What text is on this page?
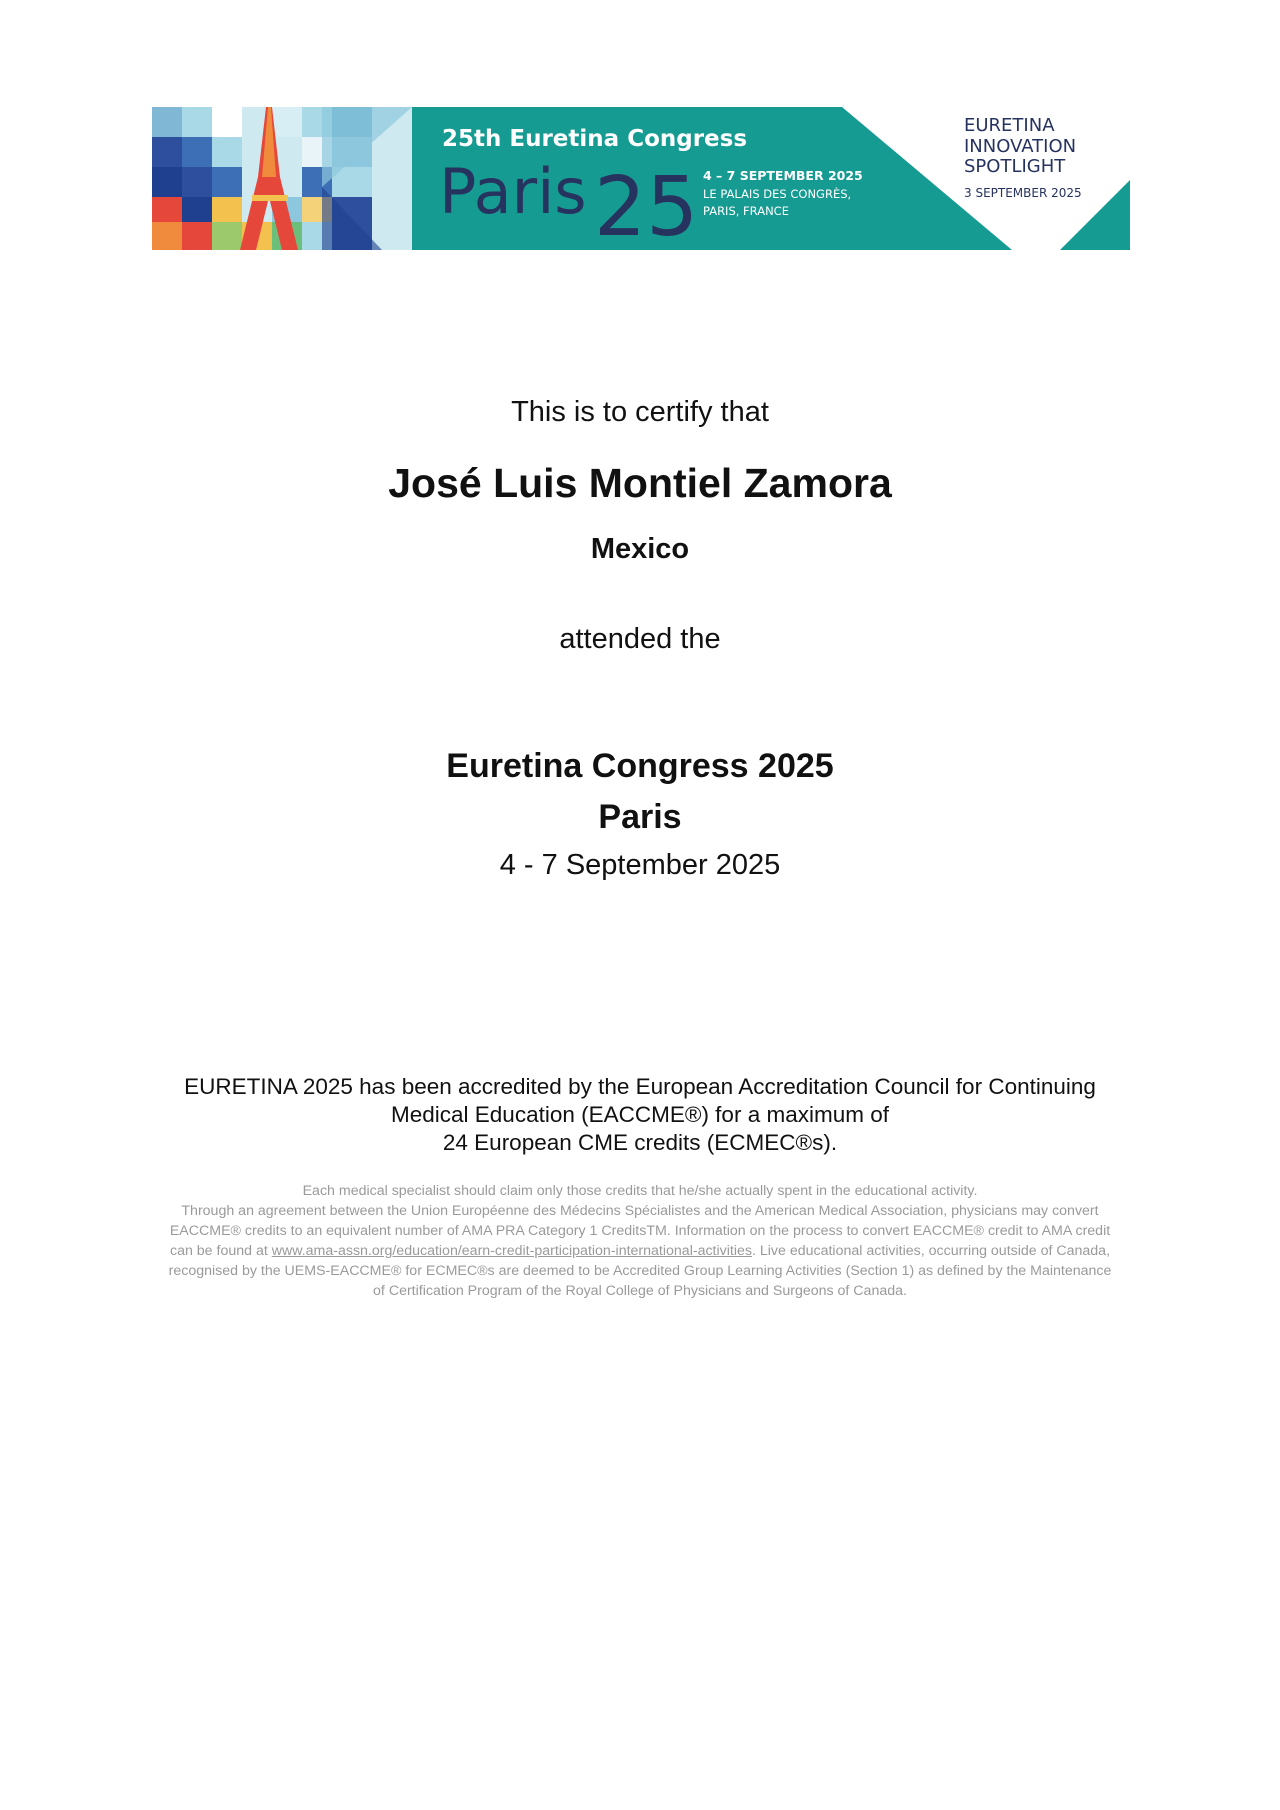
25th Euretina Congress
Paris 25 4 – 7 SEPTEMBER 2025
LE PALAIS DES CONGRÈS,
PARIS, FRANCE
EURETINA
INNOVATION
SPOTLIGHT
3 SEPTEMBER 2025
This is to certify that
José Luis Montiel Zamora
Mexico
attended the
Euretina Congress 2025
Paris
4 - 7 September 2025
EURETINA 2025 has been accredited by the European Accreditation Council for Continuing
Medical Education (EACCME®) for a maximum of
24 European CME credits (ECMEC®s).
Each medical specialist should claim only those credits that he/she actually spent in the educational activity.
Through an agreement between the Union Européenne des Médecins Spécialistes and the American Medical Association, physicians may convert
EACCME® credits to an equivalent number of AMA PRA Category 1 CreditsTM. Information on the process to convert EACCME® credit to AMA credit
can be found at www.ama-assn.org/education/earn-credit-participation-international-activities. Live educational activities, occurring outside of Canada,
recognised by the UEMS-EACCME® for ECMEC®s are deemed to be Accredited Group Learning Activities (Section 1) as defined by the Maintenance
of Certification Program of the Royal College of Physicians and Surgeons of Canada.
